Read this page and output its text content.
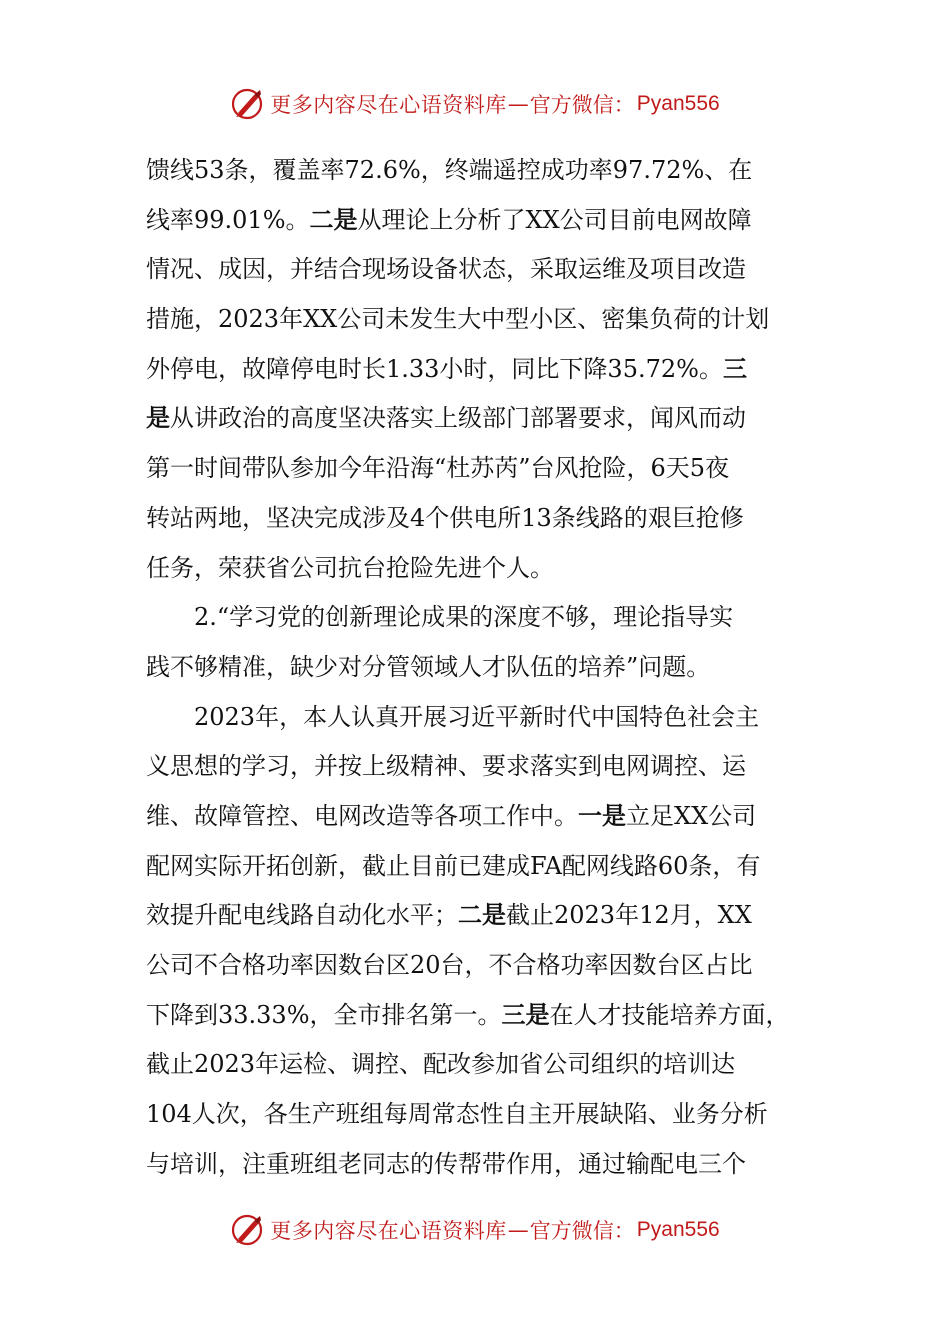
更多内容尽在心语资料库 — 官方微信： Pyan556
馈线53条，覆盖率72.6%，终端遥控成功率97.72%、在
线率99.01%。二是从理论上分析了XX公司目前电网故障
情况、成因，并结合现场设备状态，采取运维及项目改造
措施，2023年XX公司未发生大中型小区、密集负荷的计划
外停电，故障停电时长1.33小时，同比下降35.72%。三
是从讲政治的高度坚决落实上级部门部署要求，闻风而动
第一时间带队参加今年沿海“杜苏芮”台风抢险，6天5夜
转站两地，坚决完成涉及4个供电所13条线路的艰巨抢修
任务，荣获省公司抗台抢险先进个人。
2.“学习党的创新理论成果的深度不够，理论指导实
践不够精准，缺少对分管领域人才队伍的培养”问题。
2023年，本人认真开展习近平新时代中国特色社会主
义思想的学习，并按上级精神、要求落实到电网调控、运
维、故障管控、电网改造等各项工作中。一是立足XX公司
配网实际开拓创新，截止目前已建成FA配网线路60条，有
效提升配电线路自动化水平；二是截止2023年12月，XX
公司不合格功率因数台区20台，不合格功率因数台区占比
下降到33.33%，全市排名第一。三是在人才技能培养方面，
截止2023年运检、调控、配改参加省公司组织的培训达
104人次，各生产班组每周常态性自主开展缺陷、业务分析
与培训，注重班组老同志的传帮带作用，通过输配电三个
更多内容尽在心语资料库 — 官方微信： Pyan556
